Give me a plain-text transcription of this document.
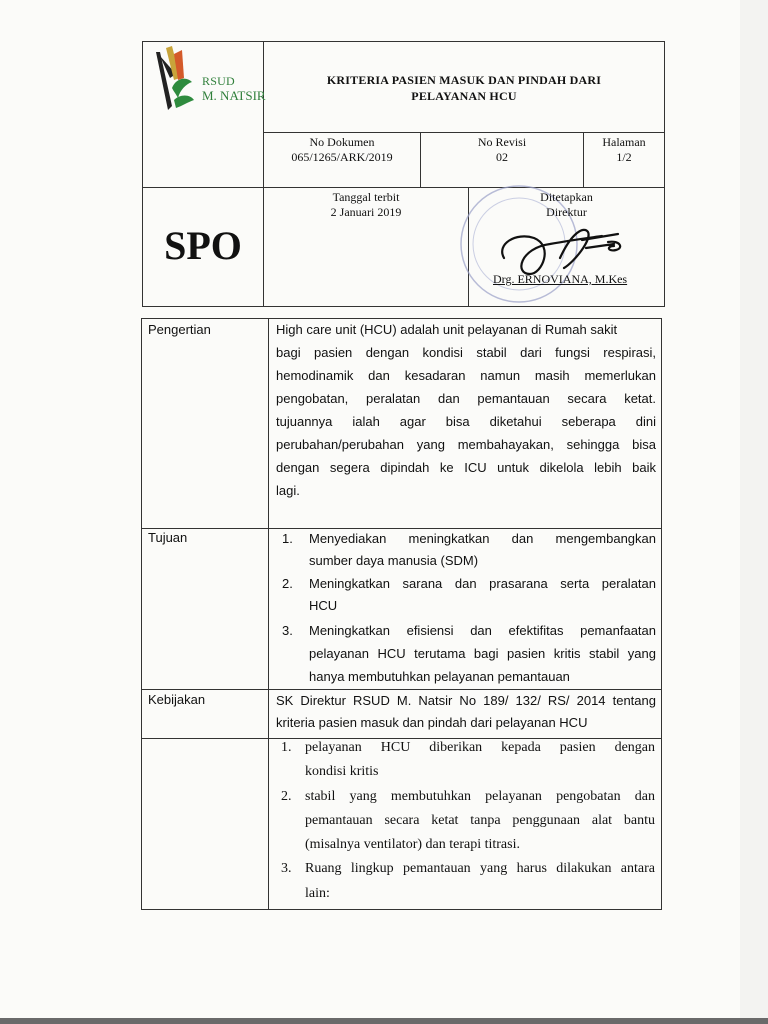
RSUD
M. NATSIR
KRITERIA PASIEN MASUK DAN PINDAH DARI
PELAYANAN HCU
No Dokumen
065/1265/ARK/2019
No Revisi
02
Halaman
1/2
SPO
Tanggal terbit
2 Januari 2019
Ditetapkan
Direktur
Drg. ERNOVIANA, M.Kes
Pengertian
Tujuan
Kebijakan
High care unit (HCU) adalah unit pelayanan di Rumah sakit
bagi pasien dengan kondisi stabil dari fungsi respirasi,
hemodinamik dan kesadaran namun masih memerlukan
pengobatan, peralatan dan pemantauan secara ketat.
tujuannya ialah agar bisa diketahui seberapa dini
perubahan/perubahan yang membahayakan, sehingga bisa
dengan segera dipindah ke ICU untuk dikelola lebih baik
lagi.
1. Menyediakan meningkatkan dan mengembangkan
sumber daya manusia (SDM)
2. Meningkatkan sarana dan prasarana serta peralatan
HCU
3. Meningkatkan efisiensi dan efektifitas pemanfaatan
pelayanan HCU terutama bagi pasien kritis stabil yang
hanya membutuhkan pelayanan pemantauan
SK Direktur RSUD M. Natsir No 189/ 132/ RS/ 2014 tentang
kriteria pasien masuk dan pindah dari pelayanan HCU
1. pelayanan HCU diberikan kepada pasien dengan
kondisi kritis
2. stabil yang membutuhkan pelayanan pengobatan dan
pemantauan secara ketat tanpa penggunaan alat bantu
(misalnya ventilator) dan terapi titrasi.
3. Ruang lingkup pemantauan yang harus dilakukan antara
lain:
